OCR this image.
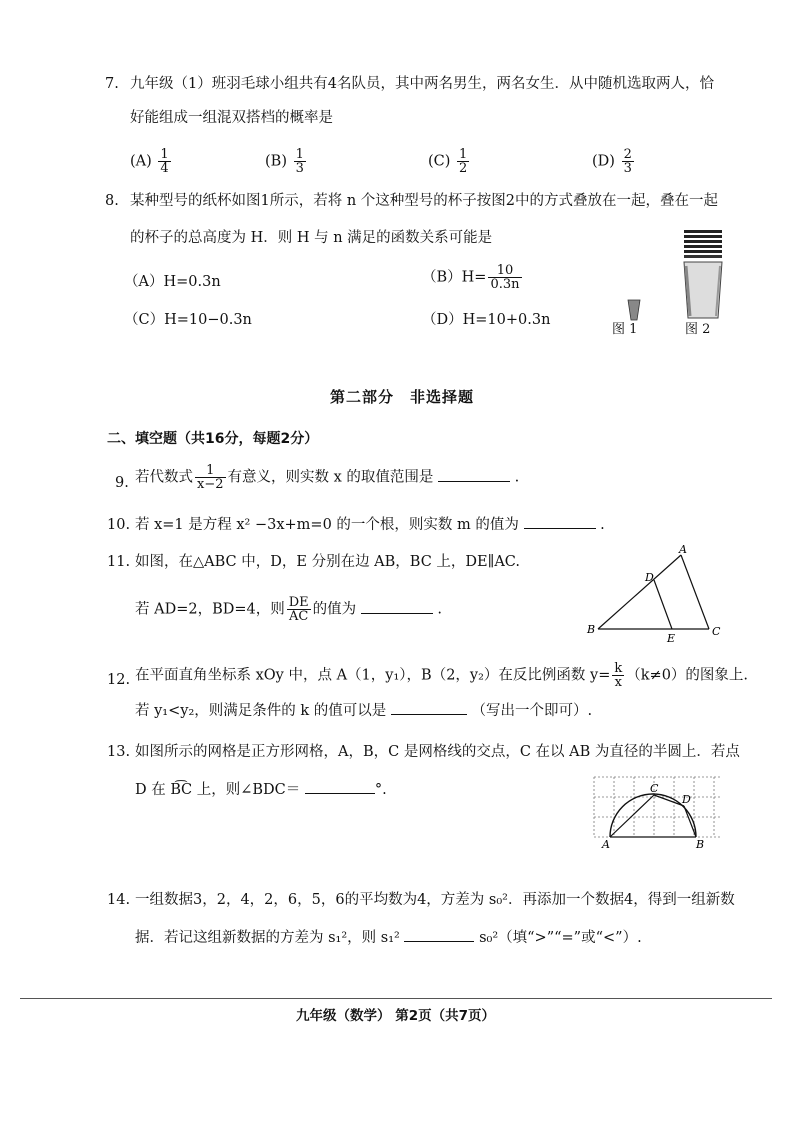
7. 九年级（1）班羽毛球小组共有4名队员，其中两名男生，两名女生．从中随机选取两人，恰
好能组成一组混双搭档的概率是
$(A) \frac{1}{4}$	$(B) \frac{1}{3}$	$(C) \frac{1}{2}$	$(D) \frac{2}{3}$
8. 某种型号的纸杯如图1所示，若将 n 个这种型号的杯子按图2中的方式叠放在一起，叠在一起
的杯子的总高度为 H．则 H 与 n 满足的函数关系可能是
（A）H=0.3n	$(B)H= \frac{10}{0.3n}$
（C）H=10−0.3n	（D）H=10+0.3n
图 1	图 2
第二部分　非选择题
二、填空题（共16分，每题2分）
9. 若代数式 $\frac{1}{x-2}$ 有意义，则实数 x 的取值范围是	.
10. 若 x=1 是方程 x² −3x+m=0 的一个根，则实数 m 的值为	.
11. 如图，在△ABC 中，D，E 分别在边 AB，BC 上，DE∥AC.
若 AD=2，BD=4，则 $\frac{DE}{AC}$ 的值为	.
A
B	C
D
E
12. 在平面直角坐标系 xOy 中，点 A（1，y₁），B（2，y₂）在反比例函数 $y= \frac{k}{x} (k\ne 0)$的图象上.
若 y₁<y₂，则满足条件的 k 的值可以是	（写出一个即可）.
13. 如图所示的网格是正方形网格，A，B，C 是网格线的交点，C 在以 AB 为直径的半圆上．若点
D 在 B͡C 上，则∠BDC＝	°.
A	B
C
D
14. 一组数据3，2，4，2，6，5，6的平均数为4，方差为 s₀²．再添加一个数据4，得到一组新数
据．若记这组新数据的方差为 s₁²，则 s₁²	s₀²（填“>”“=”或“<”）.
九年级（数学） 第2页（共7页）
